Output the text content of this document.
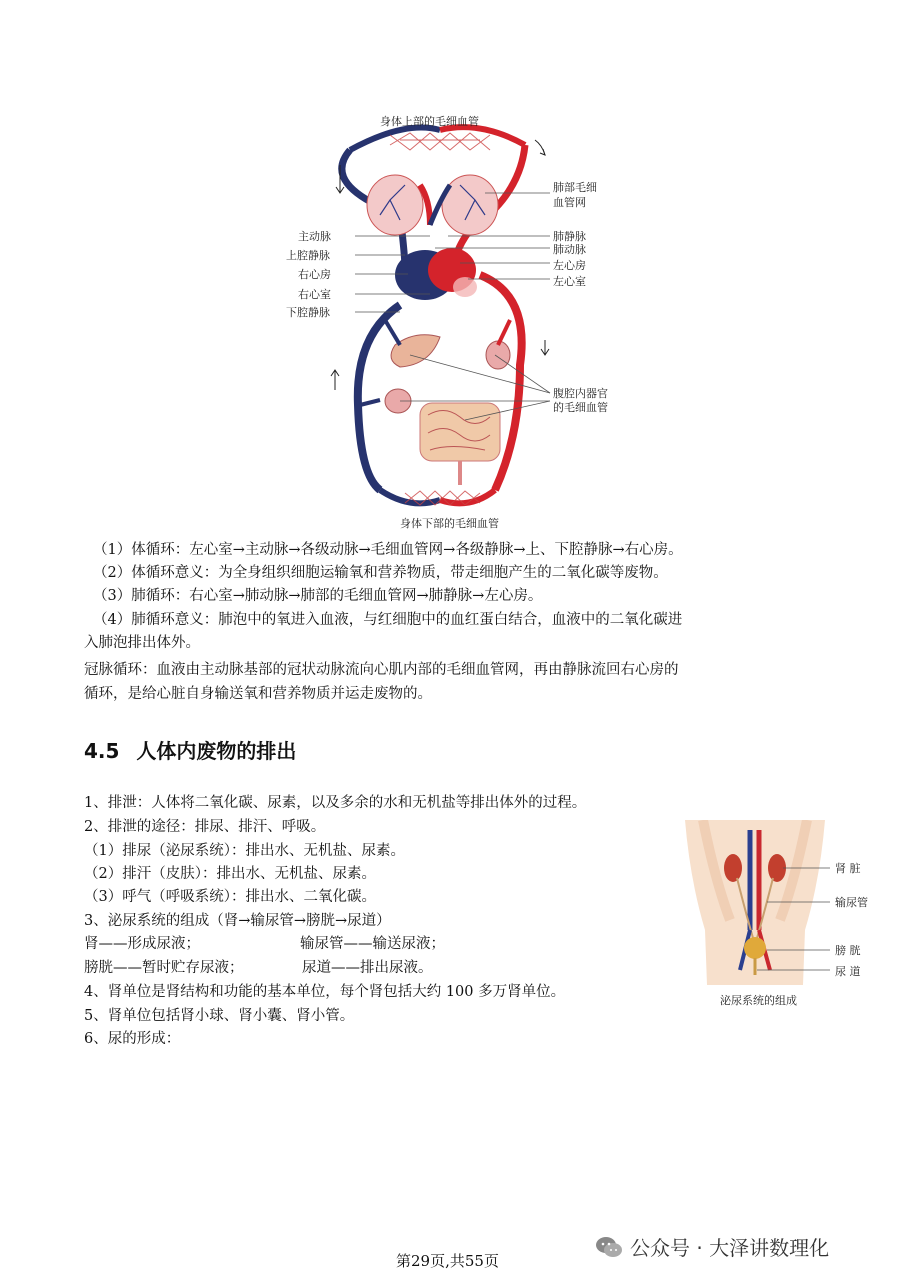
身体上部的毛细血管
身体下部的毛细血管
主动脉
上腔静脉
右心房
右心室
下腔静脉
肺部毛细
血管网
肺静脉
肺动脉
左心房
左心室
腹腔内器官
的毛细血管
（1）体循环：左心室→主动脉→各级动脉→毛细血管网→各级静脉→上、下腔静脉→右心房。
（2）体循环意义：为全身组织细胞运输氧和营养物质，带走细胞产生的二氧化碳等废物。
（3）肺循环：右心室→肺动脉→肺部的毛细血管网→肺静脉→左心房。
（4）肺循环意义：肺泡中的氧进入血液，与红细胞中的血红蛋白结合，血液中的二氧化碳进
入肺泡排出体外。
冠脉循环：血液由主动脉基部的冠状动脉流向心肌内部的毛细血管网，再由静脉流回右心房的
循环，是给心脏自身输送氧和营养物质并运走废物的。
4.5 人体内废物的排出
1、排泄：人体将二氧化碳、尿素，以及多余的水和无机盐等排出体外的过程。
2、排泄的途径：排尿、排汗、呼吸。
（1）排尿（泌尿系统）：排出水、无机盐、尿素。
（2）排汗（皮肤）：排出水、无机盐、尿素。
（3）呼气（呼吸系统）：排出水、二氧化碳。
3、泌尿系统的组成（肾→输尿管→膀胱→尿道）
肾——形成尿液；	输尿管——输送尿液；
膀胱——暂时贮存尿液；	尿道——排出尿液。
4、肾单位是肾结构和功能的基本单位，每个肾包括大约 100 多万肾单位。
5、肾单位包括肾小球、肾小囊、肾小管。
6、尿的形成：
肾 脏
输尿管
膀 胱
尿 道
泌尿系统的组成
第29页,共55页
公众号 · 大泽讲数理化
